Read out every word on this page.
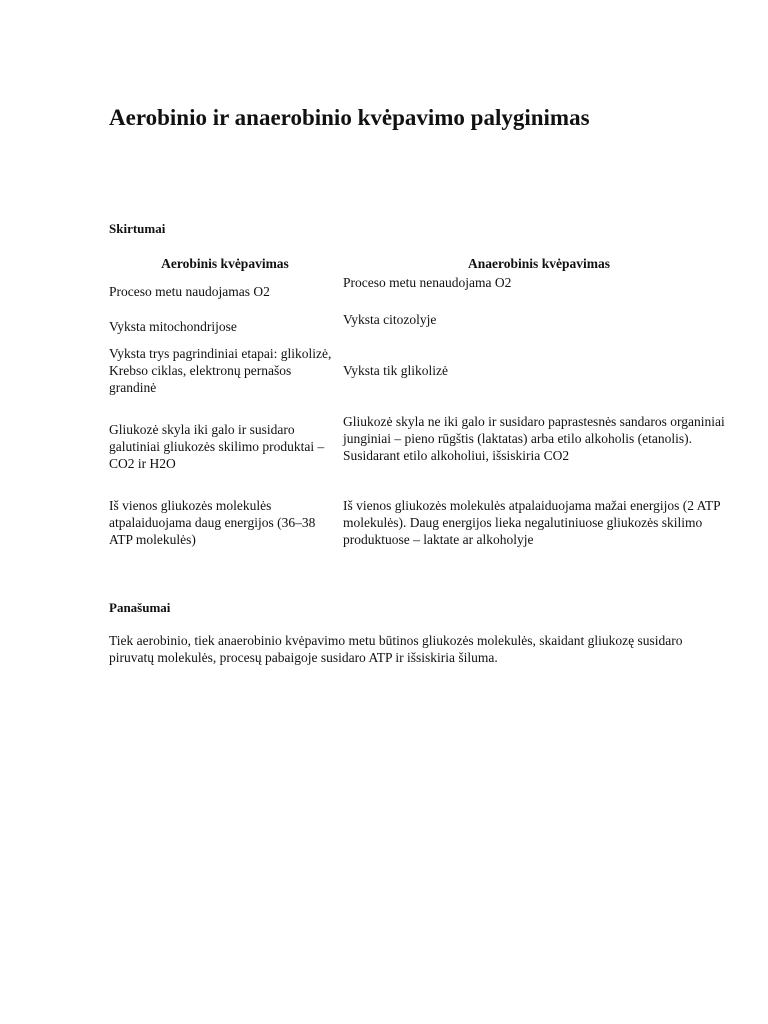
Aerobinio ir anaerobinio kvėpavimo palyginimas
Skirtumai
Aerobinis kvėpavimas	Anaerobinis kvėpavimas
Proceso metu naudojamas O2
Proceso metu nenaudojama O2
Vyksta mitochondrijose	Vyksta citozolyje
Vyksta trys pagrindiniai etapai: glikolizė, Krebso ciklas, elektronų pernašos grandinė
Vyksta tik glikolizė
Gliukozė skyla iki galo ir susidaro galutiniai gliukozės skilimo produktai – CO2 ir H2O
Gliukozė skyla ne iki galo ir susidaro paprastesnės sandaros organiniai junginiai – pieno rūgštis (laktatas) arba etilo alkoholis (etanolis). Susidarant etilo alkoholiui, išsiskiria CO2
Iš vienos gliukozės molekulės atpalaiduojama daug energijos (36–38 ATP molekulės)
Iš vienos gliukozės molekulės atpalaiduojama mažai energijos (2 ATP molekulės). Daug energijos lieka negalutiniuose gliukozės skilimo produktuose – laktate ar alkoholyje
Panašumai

Tiek aerobinio, tiek anaerobinio kvėpavimo metu būtinos gliukozės molekulės, skaidant gliukozę susidaro piruvatų molekulės, procesų pabaigoje susidaro ATP ir išsiskiria šiluma.
